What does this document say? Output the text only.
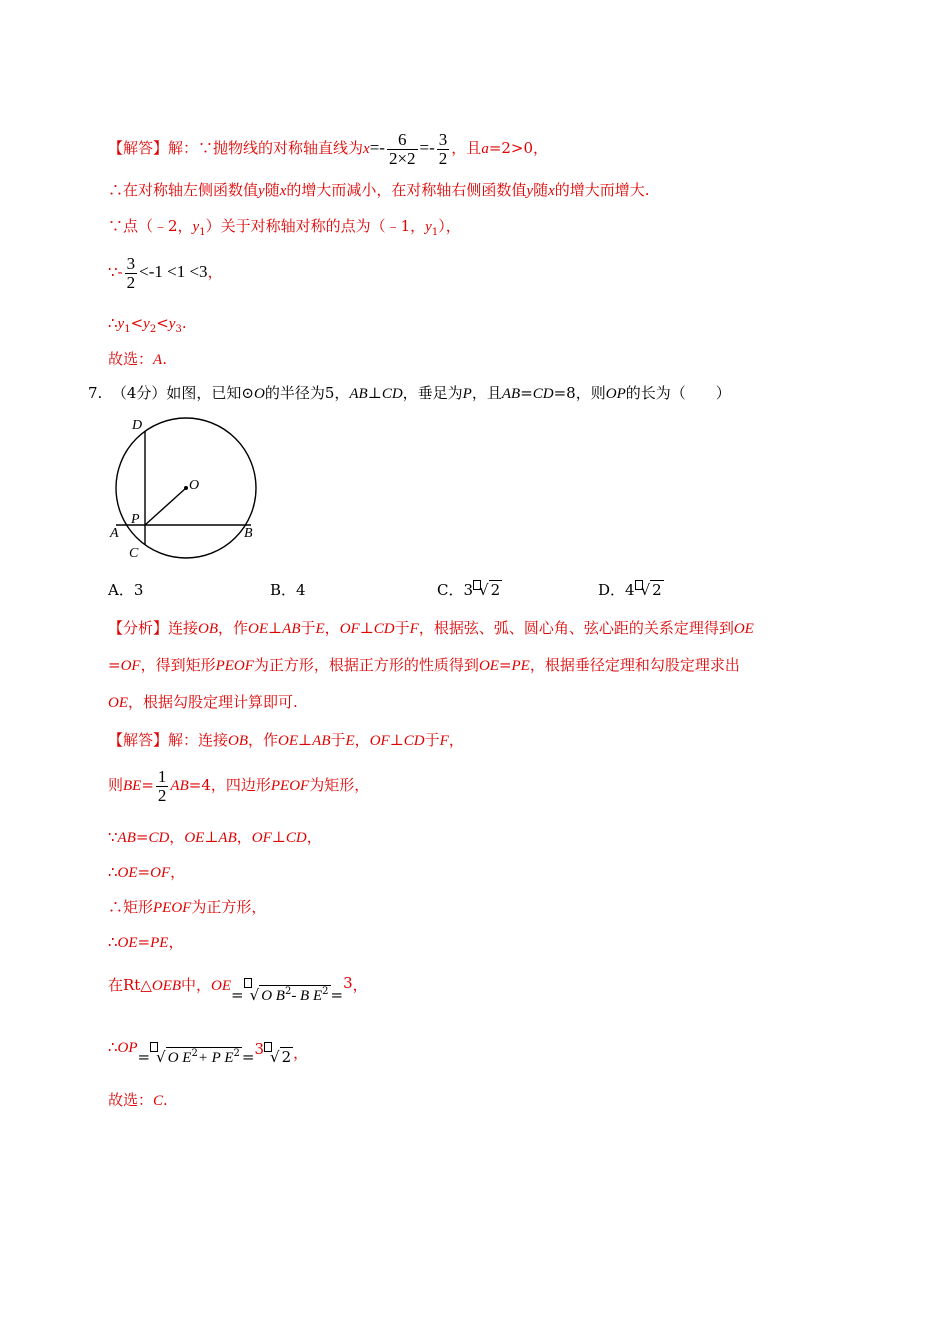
【解答】解：∵抛物线的对称轴直线为$x=- \frac{6}{2\times 2} =- \frac{3}{2}$ ，且a=2>0，
∴在对称轴左侧函数值y随x的增大而减小，在对称轴右侧函数值y随x的增大而增大.
∵点（﹣2，$y_1$）关于对称轴对称的点为（﹣1，$y_1$），
∵- $\frac{3}{2} <-1 <1 <3$，
$\therefore y_1<y_2<y_3$.
故选：A.
7. （4分）如图，已知⊙O的半径为5，AB⊥CD，垂足为P，且AB=CD=8，则OP的长为（　　）
D
O
P
A	B
C
A．3	B．4	C．3 √ 2	D．4 √ 2
【分析】连接OB，作OE⊥AB于E，OF⊥CD于F，根据弦、弧、圆心角、弦心距的关系定理得到OE
=OF，得到矩形PEOF为正方形，根据正方形的性质得到OE=PE，根据垂径定理和勾股定理求出
OE，根据勾股定理计算即可.
【解答】解：连接OB，作OE⊥AB于E，OF⊥CD于F，
则$BE= \frac{1}{2} AB=4$，四边形PEOF为矩形，
∵AB=CD，OE⊥AB，OF⊥CD，
∴OE=OF，
∴矩形PEOF为正方形，
∴OE=PE，
在Rt△OEB中，OE= √ O $B^2-$ B $E^2 =3$，
∴OP= √ O $E^2+ P$ $E^2 =3$ √ 2 ，
故选：C.
